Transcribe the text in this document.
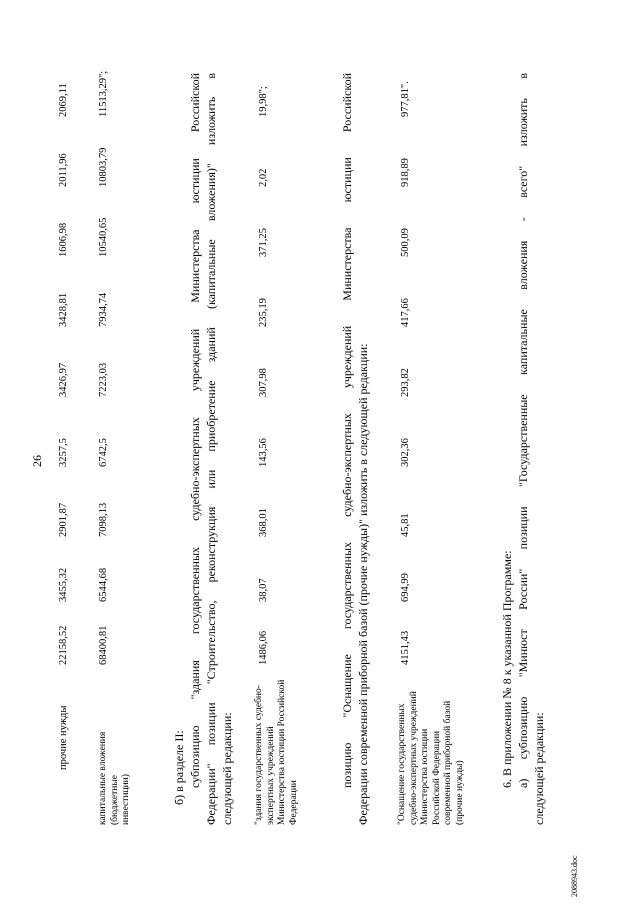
26
прочие нужды
22158,52
3455,32
2901,87
3257,5
3426,97
3428,81
1606,98
2011,96
2069,11
капитальные вложения (бюджетные инвестиции)
68400,81
6544,68
7098,13
6742,5
7223,03
7934,74
10540,65
10803,79
11513,29";
б) в разделе II: субпозицию "здания государственных судебно-экспертных учреждений Министерства юстиции Российской Федерации" позиции "Строительство, реконструкция или приобретение зданий (капитальные вложения)" изложить в следующей редакции: "здания государственных судебно-экспертных учреждений Министерства юстиции Российской Федерации
1486,06
38,07
368,01
143,56
307,98
235,19
371,25
2,02
19,98";	позицию "Оснащение государственных судебно-экспертных учреждений Министерства юстиции Российской Федерации современной приборной базой (прочие нужды)" изложить в следующей редакции:	"Оснащение государственных судебно-экспертных учреждений Министерства юстиции Российской Федерации современной приборной базой (прочие нужды)
4151,43
694,99
45,81
302,36
293,82
417,66
500,09
918,89
977,81".
6. В приложении № 8 к указанной Программе: а) субпозицию "Минюст России" позиции "Государственные капитальные вложения - всего" изложить в следующей редакции:
2088943.doc
